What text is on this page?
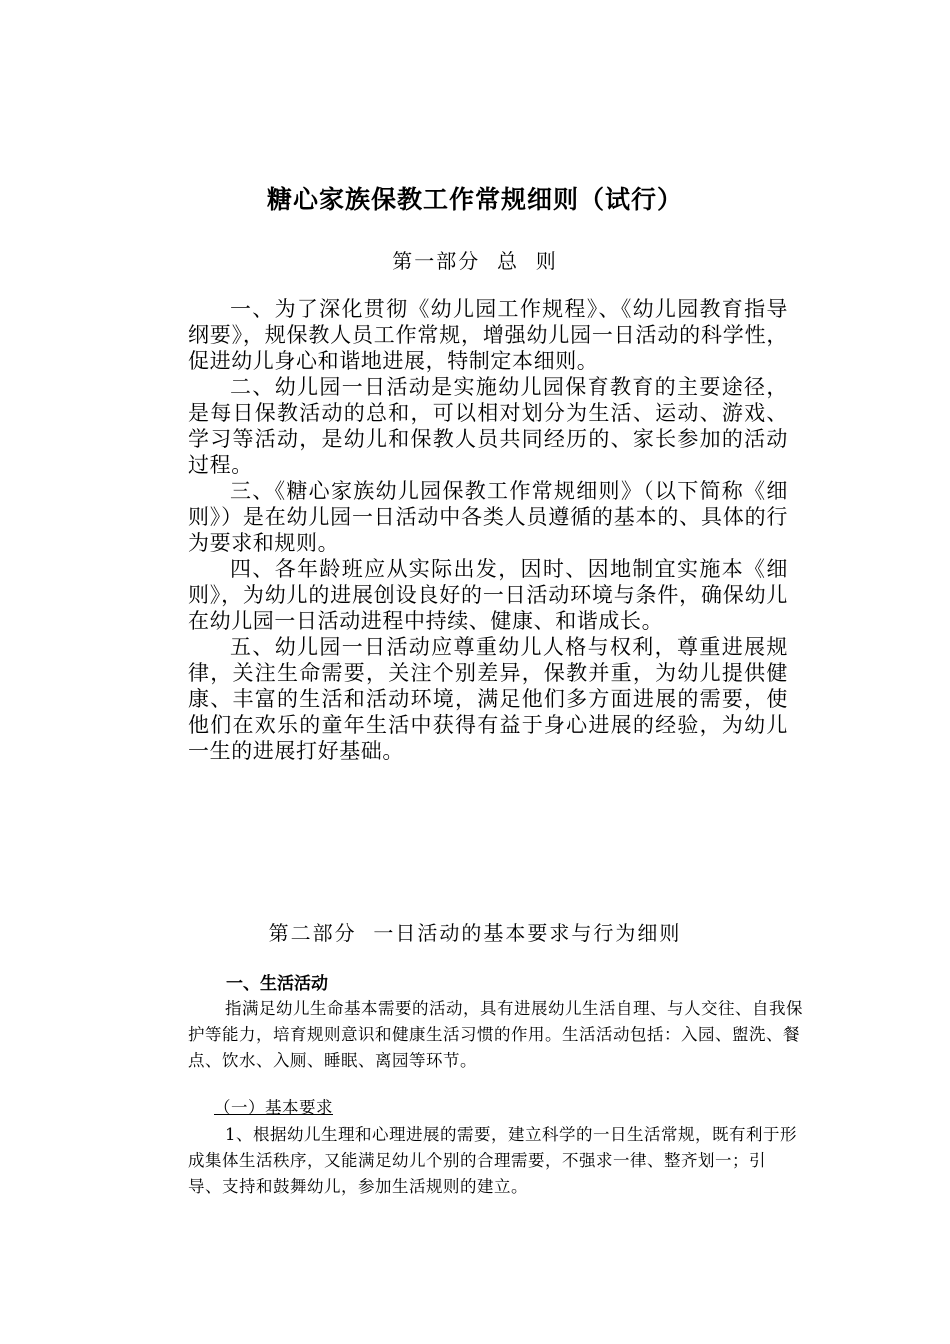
糖心家族保教工作常规细则（试行）
第一部分  总  则

一、为了深化贯彻《幼儿园工作规程》、《幼儿园教育指导纲要》，规保教人员工作常规，增强幼儿园一日活动的科学性，促进幼儿身心和谐地进展，特制定本细则。

二、幼儿园一日活动是实施幼儿园保育教育的主要途径，是每日保教活动的总和，可以相对划分为生活、运动、游戏、学习等活动，是幼儿和保教人员共同经历的、家长参加的活动过程。

三、《糖心家族幼儿园保教工作常规细则》（以下简称《细则》）是在幼儿园一日活动中各类人员遵循的基本的、具体的行为要求和规则。

四、各年龄班应从实际出发，因时、因地制宜实施本《细则》，为幼儿的进展创设良好的一日活动环境与条件，确保幼儿在幼儿园一日活动进程中持续、健康、和谐成长。

五、幼儿园一日活动应尊重幼儿人格与权利，尊重进展规律，关注生命需要，关注个别差异，保教并重，为幼儿提供健康、丰富的生活和活动环境，满足他们多方面进展的需要，使他们在欢乐的童年生活中获得有益于身心进展的经验，为幼儿一生的进展打好基础。

第二部分  一日活动的基本要求与行为细则
一、生活活动

指满足幼儿生命基本需要的活动，具有进展幼儿生活自理、与人交往、自我保护等能力，培育规则意识和健康生活习惯的作用。生活活动包括：入园、盥洗、餐点、饮水、入厕、睡眠、离园等环节。

（一）基本要求

1、根据幼儿生理和心理进展的需要，建立科学的一日生活常规，既有利于形成集体生活秩序，又能满足幼儿个别的合理需要，不强求一律、整齐划一；引导、支持和鼓舞幼儿，参加生活规则的建立。
